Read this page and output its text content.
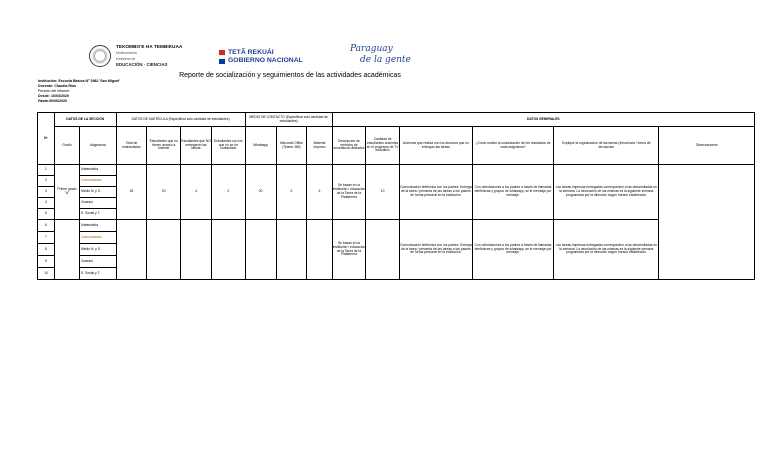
TEKOMBO'E HA TEMBIKUAA
Motenondeha
Ministerio de
EDUCACIÓN · CIENCIAS
TETÃ REKUÁI
GOBIERNO NACIONAL
Paraguay
de la gente
Reporte de socialización y seguimientos de las actividades académicas
Institución: Escuela Básica Nº 2982 'San Miguel'
Docente: Claudia Ríos
Periodo del informe:
Desde: 16/03/2020
Hasta:30/06/2020
Nº	DATOS DE LA SECCIÓN		DATOS DE MATRÍCULA (Especificar solo cantidad de estudiantes)				MEDIO DE CONTACTO (Especificar solo cantidad de estudiantes)			DATOS GENERALES					
	Grado	Asignatura	Total de matriculados	Estudiantes que no tienen acceso a internet	Estudiantes que NO entregaron las tareas	Estudiantes con los que no se ha contactado	Whatsapp	Microsoft Office (Teams 365)	Material Impreso	Descripción de métodos de enseñanza utilizados	Cantidad de estudiantes ausentes en el programa de TV educativo	Acciones que realiza con los alumnos que no entregan las tareas	¿Cómo realizó la socialización de los resultados de cada asignatura?	Explique la organización de las tareas (frecuencia / forma de devolución	Observaciones
1	Primer grado "A"	Matemática	26	20	4	2	20	0	4	Se basan en la institución / educación de la Tarea de la Plataforma	10	Comunicación telefónica con los padres. Entrega de la tarea / presenta de las tareas a los padres de forma personal en la institución.	Con orientaciones a los padres a través de llamadas telefónicas y grupos de whatsapp, se le mensaje por mensaje.	Las tareas impresas entregadas corresponden a las desarrolladas en la semana. La devolución de las mismas es la siguiente semana programada por la dirección según horario establecido.	
2		Comunicación													

3		Medio N. y S.													

4		Guaraní													

5		E. Social y T.													

6		Matemática								Se basan en la institución / educación de la Tarea de la Plataforma		Comunicación telefónica con los padres. Entrega de la tarea / presenta de las tareas a los padres de forma personal en la institución.	Con orientaciones a los padres a través de llamadas telefónicas y grupos de whatsapp, se le mensaje por mensaje.	Las tareas impresas entregadas corresponden a las desarrolladas en la semana. La devolución de las mismas es la siguiente semana programada por la dirección según horario establecido.	
7		Comunicación													

8		Medio N. y S.													

9		Guaraní													

10		E. Social y T.													
